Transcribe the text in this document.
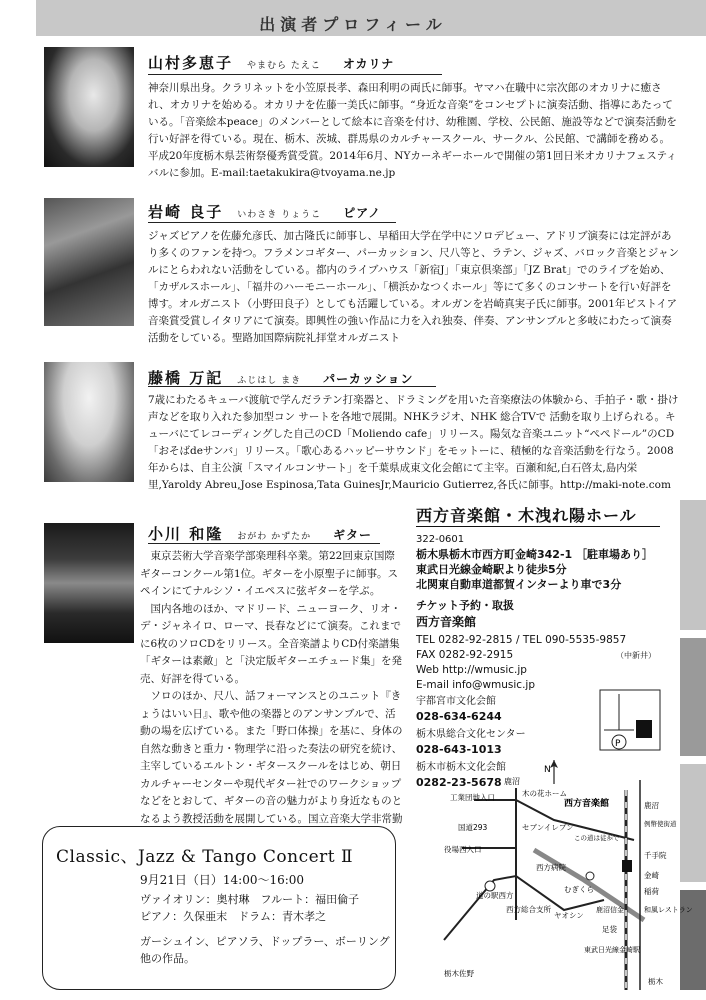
出演者プロフィール
山村多恵子 やまむら たえこ オカリナ

神奈川県出身。クラリネットを小笠原長孝、森田利明の両氏に師事。ヤマハ在職中に宗次郎のオカリナに癒され、オカリナを始める。オカリナを佐藤一美氏に師事。“身近な音楽”をコンセプトに演奏活動、指導にあたっている。「音楽絵本peace」のメンバーとして絵本に音楽を付け、幼稚園、学校、公民館、施設等などで演奏活動を行い好評を得ている。現在、栃木、茨城、群馬県のカルチャースクール、サークル、公民館、で講師を務める。平成20年度栃木県芸術祭優秀賞受賞。2014年6月、NYカーネギーホールで開催の第1回日米オカリナフェスティバルに参加。E-mail:taetakukira@tvoyama.ne.jp

岩崎 良子 いわさき りょうこ ピアノ

ジャズピアノを佐藤允彦氏、加古隆氏に師事し、早稲田大学在学中にソロデビュー、アドリブ演奏には定評があり多くのファンを持つ。フラメンコギター、パーカッション、尺八等と、ラテン、ジャズ、バロック音楽とジャンルにとらわれない活動をしている。都内のライブハウス「新宿J」「東京倶楽部」「JZ Brat」でのライブを始め、「カザルスホール」、「福井のハーモニーホール」、「横浜かなつくホール」等にて多くのコンサートを行い好評を博す。オルガニスト（小野田良子）としても活躍している。オルガンを岩崎真実子氏に師事。2001年ピストイア音楽賞受賞しイタリアにて演奏。即興性の強い作品に力を入れ独奏、伴奏、アンサンブルと多岐にわたって演奏活動をしている。聖路加国際病院礼拝堂オルガニスト

藤橋 万記 ふじはし まき パーカッション

7歳にわたるキューバ渡航で学んだラテン打楽器と、ドラミングを用いた音楽療法の体験から、手拍子・歌・掛け声などを取り入れた参加型コン サートを各地で展開。NHKラジオ、NHK 総合TVで 活動を取り上げられる。キューバにてレコーディングした自己のCD「Moliendo cafe」リリース。陽気な音楽ユニット“ぺぺドール”のCD「おそばdeサンバ」リリース。「歌心あるハッピーサウンド」をモットーに、積極的な音楽活動を行なう。2008年からは、自主公演「スマイルコンサート」を千葉県成東文化会館にて主宰。百瀬和紀,白石啓太,島内栄里,Yaroldy Abreu,Jose Espinosa,Tata GuinesJr,Mauricio Gutierrez,各氏に師事。http://maki-note.com

小川 和隆 おがわ かずたか ギター

東京芸術大学音楽学部楽理科卒業。第22回東京国際ギターコンクール第1位。ギターを小原聖子に師事。スペインにてナルシソ・イエペスに弦ギターを学ぶ。

国内各地のほか、マドリード、ニューヨーク、リオ・デ・ジャネイロ、ローマ、長春などにて演奏。これまでに6枚のソロCDをリリース。全音楽譜よりCD付楽譜集「ギターは素敵」と「決定版ギターエチュード集」を発売、好評を得ている。

ソロのほか、尺八、話フォーマンスとのユニット『きょうはいい日』、歌や他の楽器とのアンサンブルで、活動の場を広げている。また「野口体操」を基に、身体の自然な動きと重力・物理学に沿った奏法の研究を続け、主宰しているエルトン・ギタースクールをはじめ、朝日カルチャーセンターや現代ギター社でのワークショップなどをとおして、ギターの音の魅力がより身近なものとなるよう教授活動を展開している。国立音楽大学非常勤

西方音楽館・木洩れ陽ホール
322-0601
栃木県栃木市西方町金崎342-1 ［駐車場あり］
東武日光線金崎駅より徒歩5分
北関東自動車道都賀インターより車で3分
チケット予約・取扱
西方音楽館
TEL 0282-92-2815 / TEL 090-5535-9857
FAX 0282-92-2915	（中新井）
Web http://wmusic.jp
E-mail info@wmusic.jp
宇都宮市文化会館
028-634-6244
栃木県総合文化センター
028-643-1013
栃木市栃木文化会館
0282-23-5678
Classic、Jazz & Tango Concert Ⅱ
9月21日（日）14:00～16:00
ヴァイオリン：奥村琳　フルート：福田倫子
ピアノ：久保亜末　ドラム：青木孝之
ガーシュイン、ピアソラ、ドップラー、ボーリング
他の作品。
P
N
鹿沼
工業団地入口	木の花ホーム
セブンイレブン
国道293
役場西入口
道の駅西方
西方総合支所
西方病院
この道は徒歩で
むぎくら
ヤオシン
西方音楽館	鹿沼
例幣使街道
千手院
金崎
稲荷
和風レストラン
鹿沼信金
足袋
東武日光線金崎駅
栃木
栃木佐野
